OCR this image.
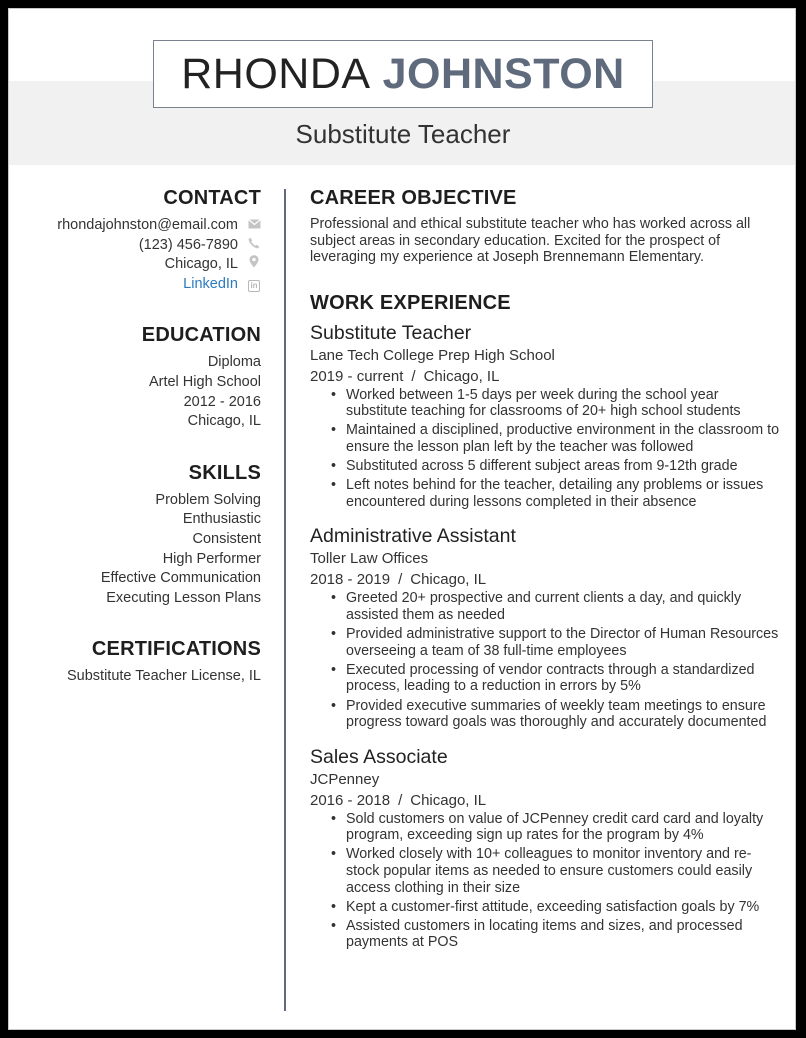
RHONDA JOHNSTON
Substitute Teacher
CONTACT
rhondajohnston@email.com
(123) 456-7890
Chicago, IL
LinkedIn	in
EDUCATION
Diploma
Artel High School
2012 - 2016
Chicago, IL
SKILLS
Problem Solving
Enthusiastic
Consistent
High Performer
Effective Communication
Executing Lesson Plans
CERTIFICATIONS
Substitute Teacher License, IL
CAREER OBJECTIVE

Professional and ethical substitute teacher who has worked across all subject areas in secondary education. Excited for the prospect of leveraging my experience at Joseph Brennemann Elementary.

WORK EXPERIENCE
Substitute Teacher
Lane Tech College Prep High School
2019 - current / Chicago, IL
• Worked between 1-5 days per week during the school year substitute teaching for classrooms of 20+ high school students
• Maintained a disciplined, productive environment in the classroom to ensure the lesson plan left by the teacher was followed
• Substituted across 5 different subject areas from 9-12th grade
• Left notes behind for the teacher, detailing any problems or issues encountered during lessons completed in their absence
Administrative Assistant
Toller Law Offices
2018 - 2019 / Chicago, IL
• Greeted 20+ prospective and current clients a day, and quickly assisted them as needed
• Provided administrative support to the Director of Human Resources overseeing a team of 38 full-time employees
• Executed processing of vendor contracts through a standardized process, leading to a reduction in errors by 5%
• Provided executive summaries of weekly team meetings to ensure progress toward goals was thoroughly and accurately documented
Sales Associate
JCPenney
2016 - 2018 / Chicago, IL
• Sold customers on value of JCPenney credit card card and loyalty program, exceeding sign up rates for the program by 4%
• Worked closely with 10+ colleagues to monitor inventory and re-stock popular items as needed to ensure customers could easily access clothing in their size
• Kept a customer-first attitude, exceeding satisfaction goals by 7%
• Assisted customers in locating items and sizes, and processed payments at POS
